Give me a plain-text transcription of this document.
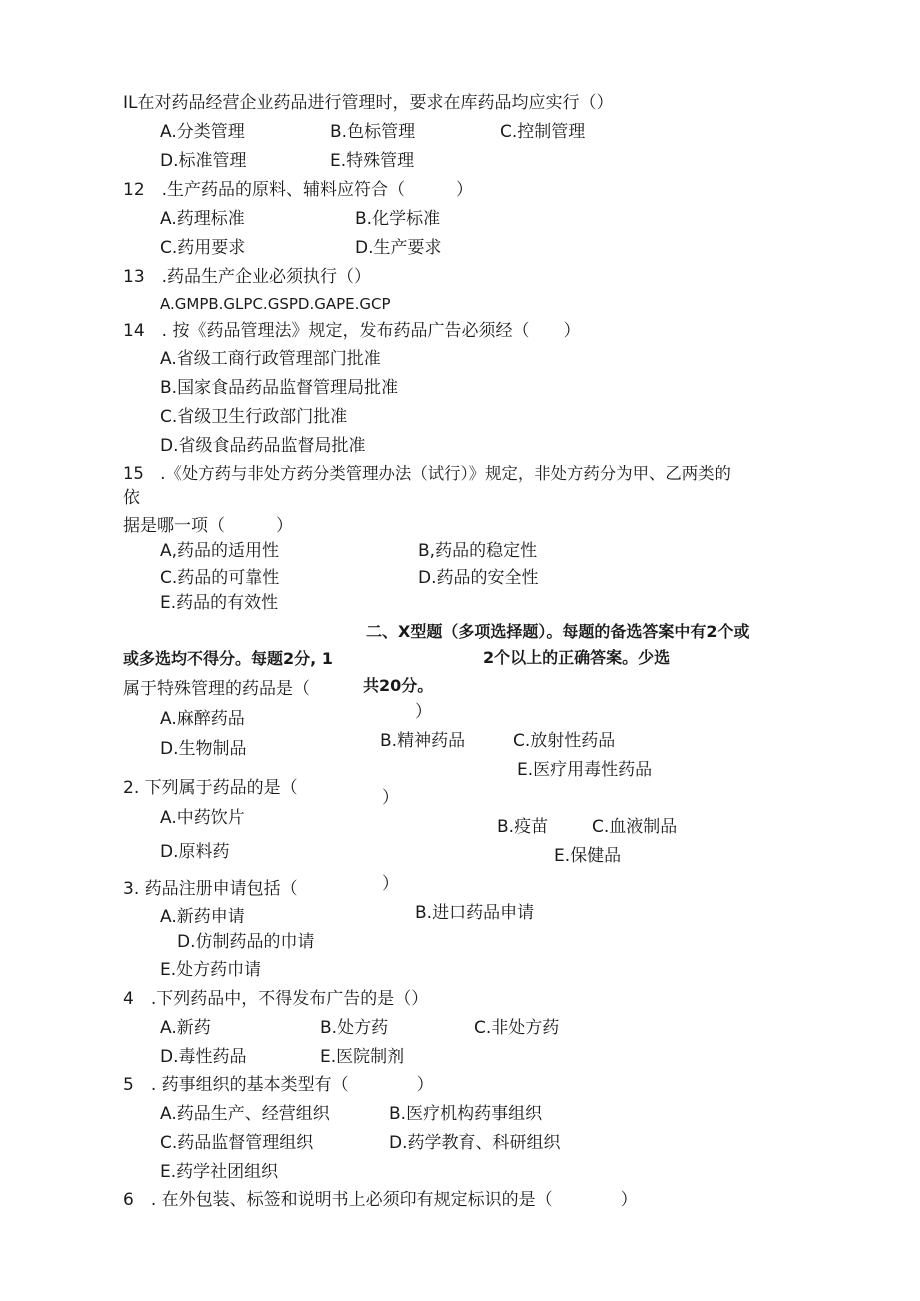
IL在对药品经营企业药品进行管理时，要求在库药品均应实行（）
A.分类管理	B.色标管理	C.控制管理
D.标准管理	E.特殊管理
12　.生产药品的原料、辅料应符合（　　　）
A.药理标准	B.化学标准
C.药用要求	D.生产要求
13　.药品生产企业必须执行（）
A.GMPB.GLPC.GSPD.GAPE.GCP
14　. 按《药品管理法》规定，发布药品广告必须经（　　）
A.省级工商行政管理部门批准
B.国家食品药品监督管理局批准
C.省级卫生行政部门批准
D.省级食品药品监督局批准
15　.《处方药与非处方药分类管理办法（试行）》规定，非处方药分为甲、乙两类的
依
据是哪一项（　　　）
A,药品的适用性	B,药品的稳定性
C.药品的可靠性	D.药品的安全性
E.药品的有效性
二、X型题（多项选择题）。每题的备选答案中有2个或
2个以上的正确答案。少选
或多选均不得分。每题2分, 1
共20分。
属于特殊管理的药品是（
）
A.麻醉药品
B.精神药品	C.放射性药品
D.生物制品
E.医疗用毒性药品
2. 下列属于药品的是（	）
A.中药饮片	B.疫苗	C.血液制品
D.原料药	E.保健品
3. 药品注册申请包括（	）
B.进口药品申请
A.新药申请
D.仿制药品的巾请
E.处方药巾请
4　.下列药品中，不得发布广告的是（）
A.新药	B.处方药	C.非处方药
D.毒性药品	E.医院制剂
5　. 药事组织的基本类型有（　　　　）
A.药品生产、经营组织	B.医疗机构药事组织
C.药品监督管理组织	D.药学教育、科研组织
E.药学社团组织
6　. 在外包装、标签和说明书上必须印有规定标识的是（　　　　）
